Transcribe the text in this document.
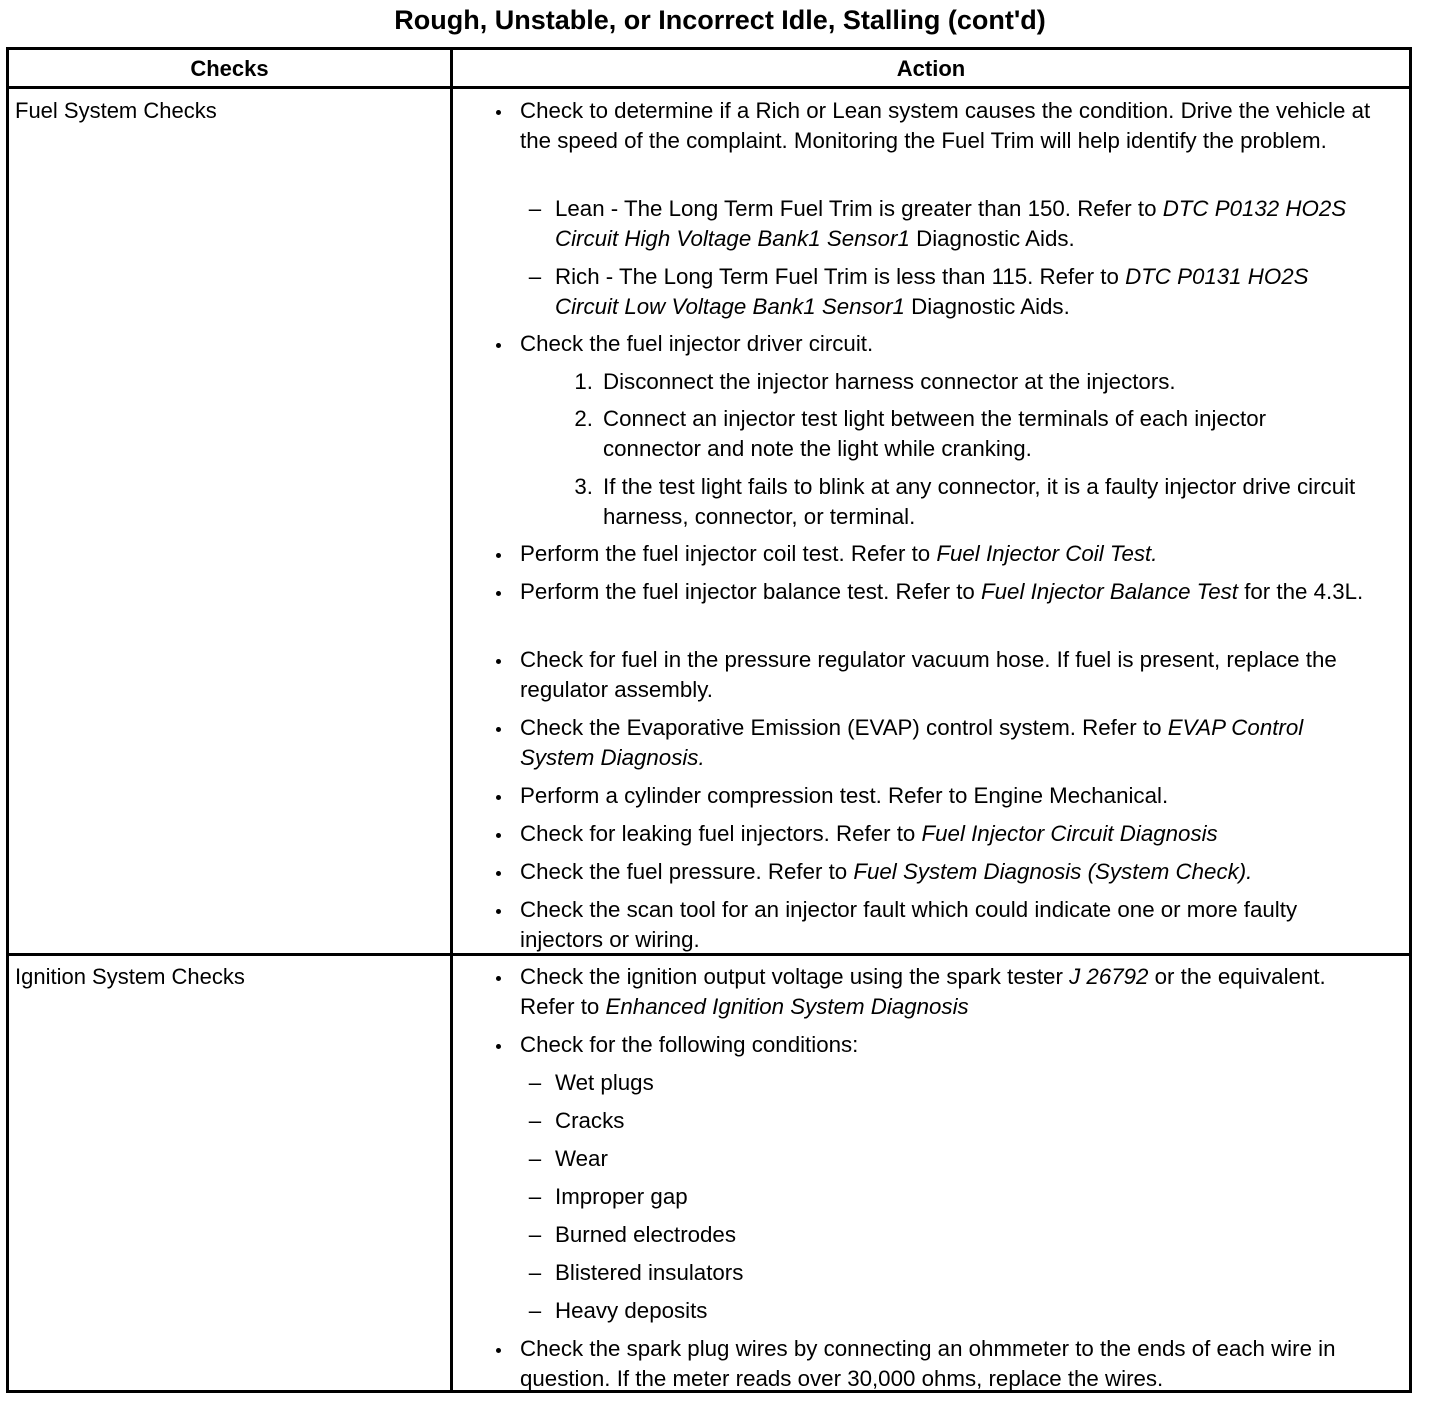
Rough, Unstable, or Incorrect Idle, Stalling (cont'd)
Checks	Action
Fuel System Checks	Check to determine if a Rich or Lean system causes the condition. Drive the vehicle at the speed of the complaint. Monitoring the Fuel Trim will help identify the problem.
– Lean - The Long Term Fuel Trim is greater than 150. Refer to DTC P0132 HO2S Circuit High Voltage Bank1 Sensor1 Diagnostic Aids.
– Rich - The Long Term Fuel Trim is less than 115. Refer to DTC P0131 HO2S Circuit Low Voltage Bank1 Sensor1 Diagnostic Aids.
Check the fuel injector driver circuit.
1. Disconnect the injector harness connector at the injectors.
2. Connect an injector test light between the terminals of each injector connector and note the light while cranking.
3. If the test light fails to blink at any connector, it is a faulty injector drive circuit harness, connector, or terminal.
Perform the fuel injector coil test. Refer to Fuel Injector Coil Test.
Perform the fuel injector balance test. Refer to Fuel Injector Balance Test for the 4.3L.
Check for fuel in the pressure regulator vacuum hose. If fuel is present, replace the regulator assembly.
Check the Evaporative Emission (EVAP) control system. Refer to EVAP Control System Diagnosis.
Perform a cylinder compression test. Refer to Engine Mechanical.
Check for leaking fuel injectors. Refer to Fuel Injector Circuit Diagnosis
Check the fuel pressure. Refer to Fuel System Diagnosis (System Check).
Check the scan tool for an injector fault which could indicate one or more faulty injectors or wiring.
Ignition System Checks	Check the ignition output voltage using the spark tester J 26792 or the equivalent. Refer to Enhanced Ignition System Diagnosis
Check for the following conditions:
– Wet plugs
– Cracks
– Wear
– Improper gap
– Burned electrodes
– Blistered insulators
– Heavy deposits
Check the spark plug wires by connecting an ohmmeter to the ends of each wire in question. If the meter reads over 30,000 ohms, replace the wires.
